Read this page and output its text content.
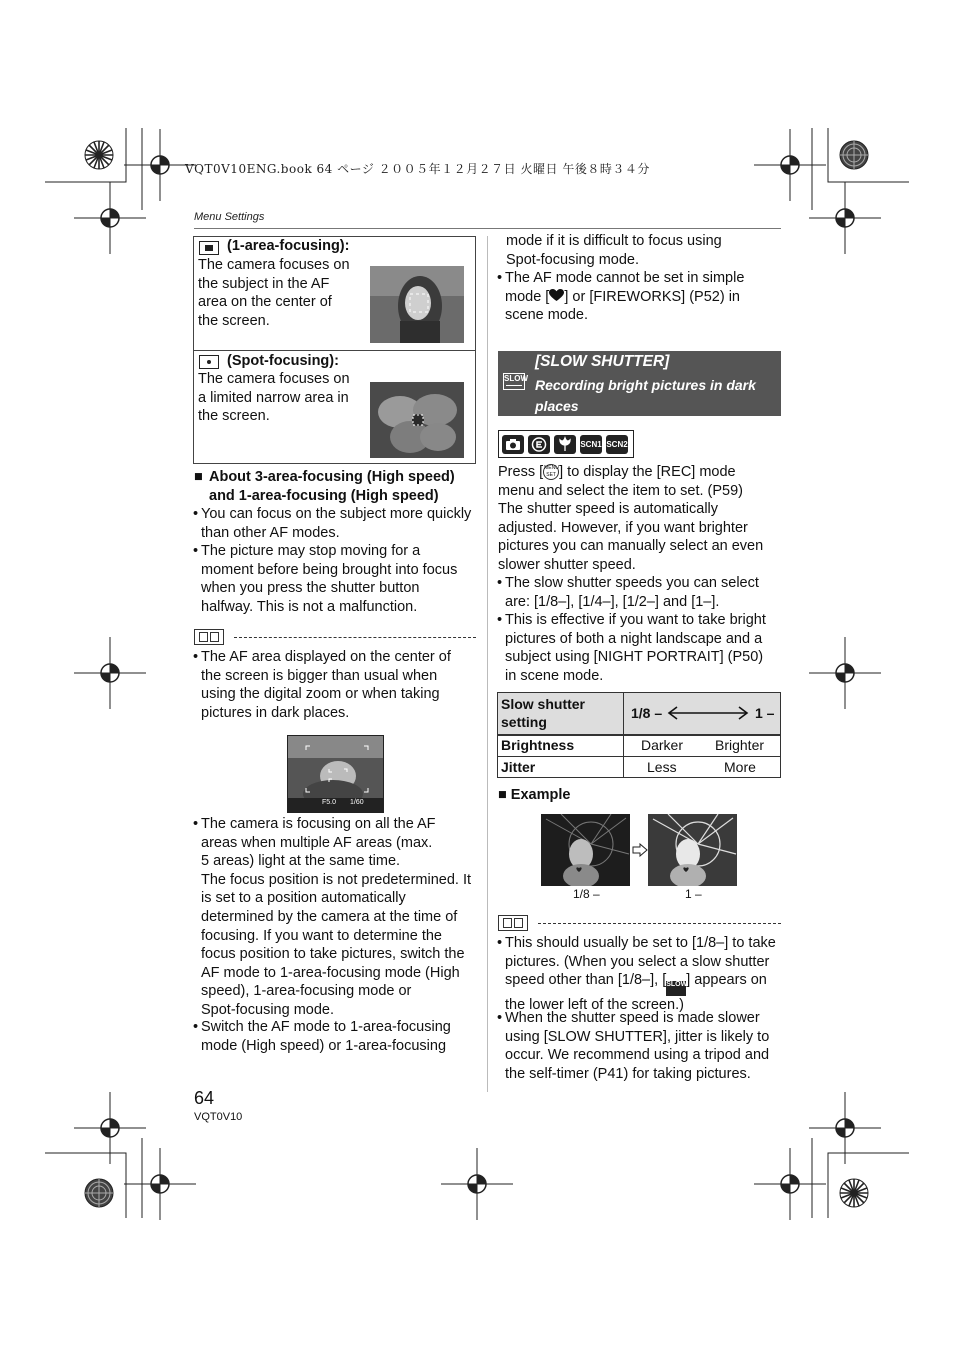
VQT0V10ENG.book 64 ページ ２００５年１２月２７日 火曜日 午後８時３４分
Menu Settings
(1-area-focusing):
The camera focuses on
the subject in the AF
area on the center of
the screen.
(Spot-focusing):
The camera focuses on
a limited narrow area in
the screen.
■ About 3-area-focusing (High speed)
and 1-area-focusing (High speed)
• You can focus on the subject more quickly
than other AF modes.
• The picture may stop moving for a
moment before being brought into focus
when you press the shutter button
halfway. This is not a malfunction.
• The AF area displayed on the center of
the screen is bigger than usual when
using the digital zoom or when taking
pictures in dark places.
F5.0 1/60
• The camera is focusing on all the AF
areas when multiple AF areas (max.
5 areas) light at the same time.
The focus position is not predetermined. It
is set to a position automatically
determined by the camera at the time of
focusing. If you want to determine the
focus position to take pictures, switch the
AF mode to 1-area-focusing mode (High
speed), 1-area-focusing mode or
Spot-focusing mode.
• Switch the AF mode to 1-area-focusing
mode (High speed) or 1-area-focusing
mode if it is difficult to focus using
Spot-focusing mode.
• The AF mode cannot be set in simple
mode [ ] or [FIREWORKS] (P52) in
scene mode.
SLOW
[SLOW SHUTTER]
Recording bright pictures in dark
places
SCN1 SCN2
Press [MENU
SET ] to display the [REC] mode
menu and select the item to set. (P59)
The shutter speed is automatically
adjusted. However, if you want brighter
pictures you can manually select an even
slower shutter speed.
• The slow shutter speeds you can select
are: [1/8–], [1/4–], [1/2–] and [1–].
• This is effective if you want to take bright
pictures of both a night landscape and a
subject using [NIGHT PORTRAIT] (P50)
in scene mode.
Slow shutter
setting
1/8 –	1 –
Brightness	Darker Brighter
Jitter	Less	More
■ Example
1/8 –	1 –
• This should usually be set to [1/8–] to take
pictures. (When you select a slow shutter
speed other than [1/8–], [SLOW] appears on
the lower left of the screen.)
• When the shutter speed is made slower
using [SLOW SHUTTER], jitter is likely to
occur. We recommend using a tripod and
the self-timer (P41) for taking pictures.
64
VQT0V10
